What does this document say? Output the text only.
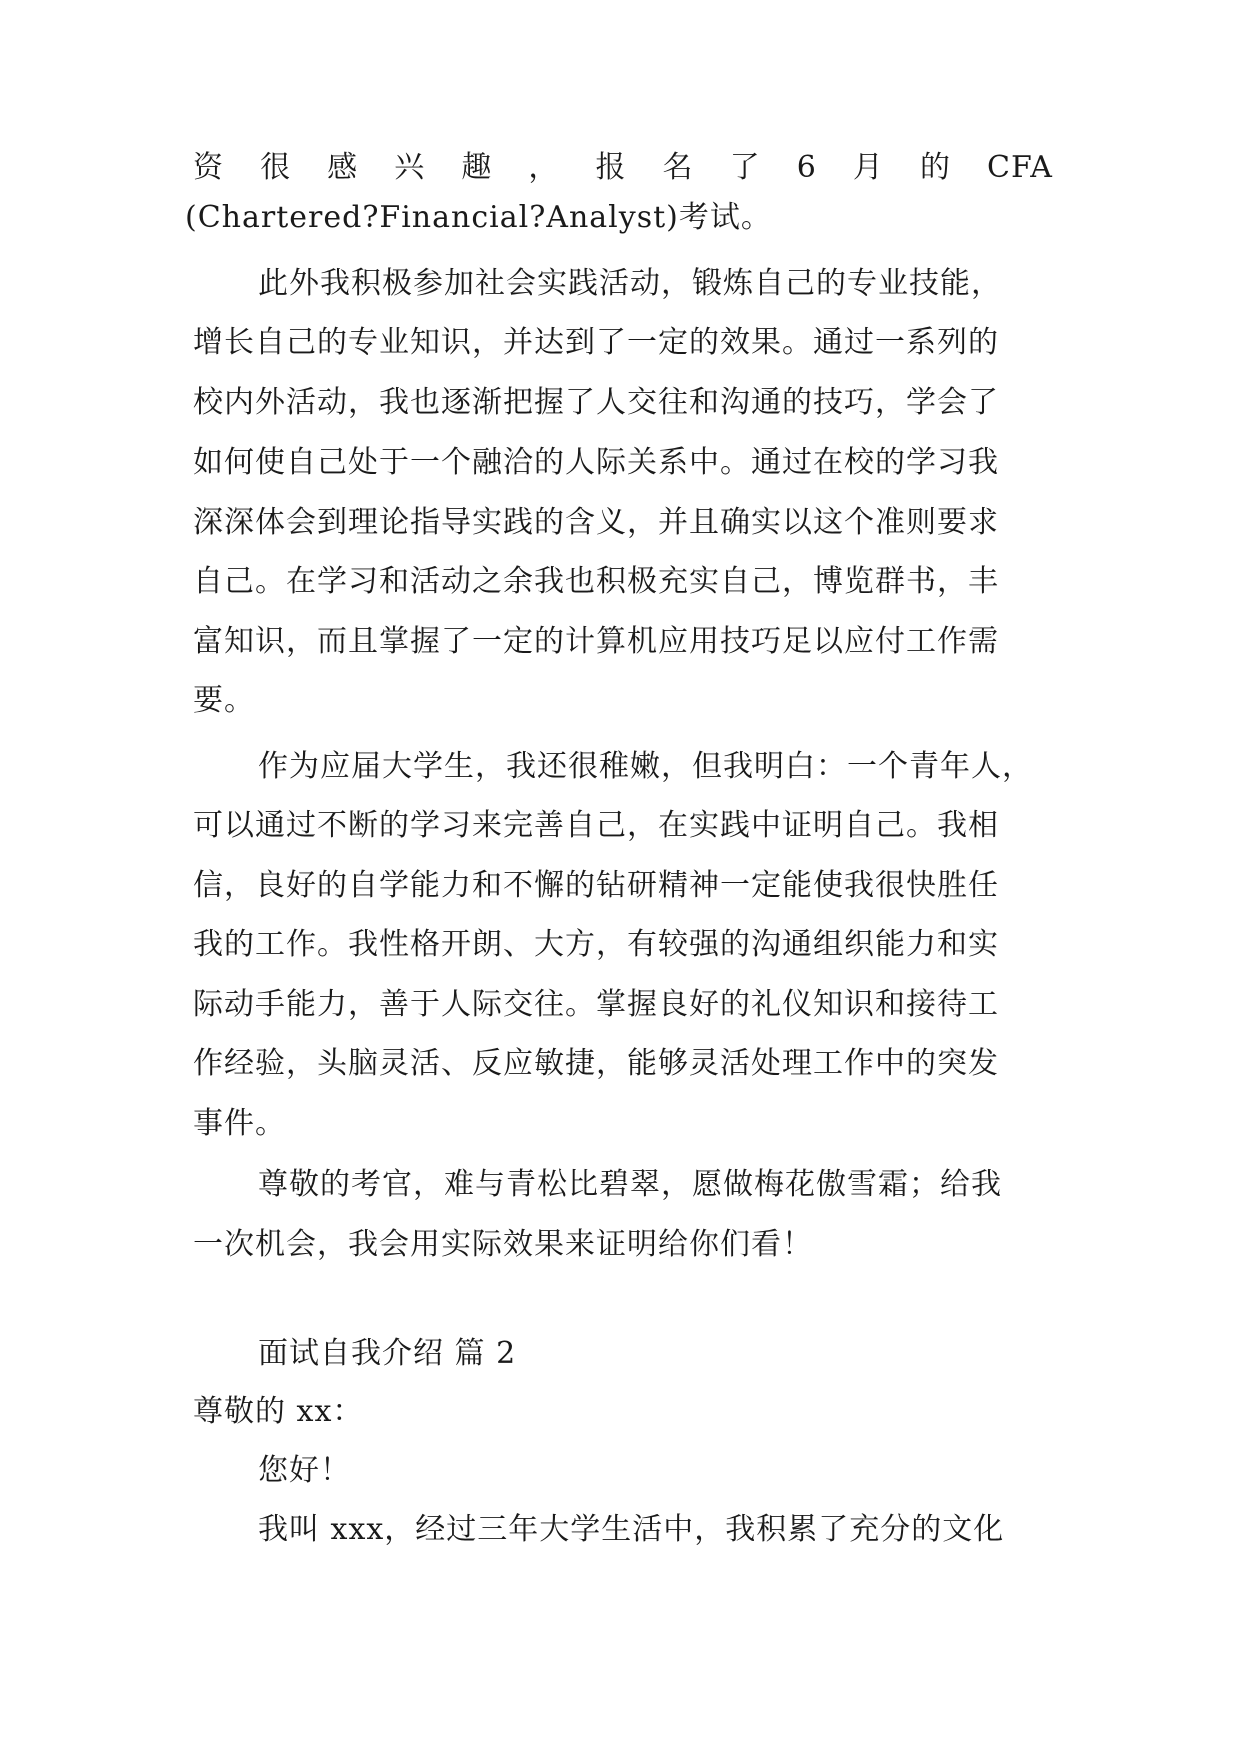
资 很 感 兴 趣 ， 报 名 了 6 月 的 CFA
(Chartered?Financial?Analyst)考试。
此外我积极参加社会实践活动，锻炼自己的专业技能，
增长自己的专业知识，并达到了一定的效果。通过一系列的
校内外活动，我也逐渐把握了人交往和沟通的技巧，学会了
如何使自己处于一个融洽的人际关系中。通过在校的学习我
深深体会到理论指导实践的含义，并且确实以这个准则要求
自己。在学习和活动之余我也积极充实自己，博览群书，丰
富知识，而且掌握了一定的计算机应用技巧足以应付工作需
要。
作为应届大学生，我还很稚嫩，但我明白：一个青年人，
可以通过不断的学习来完善自己，在实践中证明自己。我相
信，良好的自学能力和不懈的钻研精神一定能使我很快胜任
我的工作。我性格开朗、大方，有较强的沟通组织能力和实
际动手能力，善于人际交往。掌握良好的礼仪知识和接待工
作经验，头脑灵活、反应敏捷，能够灵活处理工作中的突发
事件。
尊敬的考官，难与青松比碧翠，愿做梅花傲雪霜；给我
一次机会，我会用实际效果来证明给你们看！
面试自我介绍 篇 2
尊敬的 xx：
您好！
我叫 xxx，经过三年大学生活中，我积累了充分的文化
